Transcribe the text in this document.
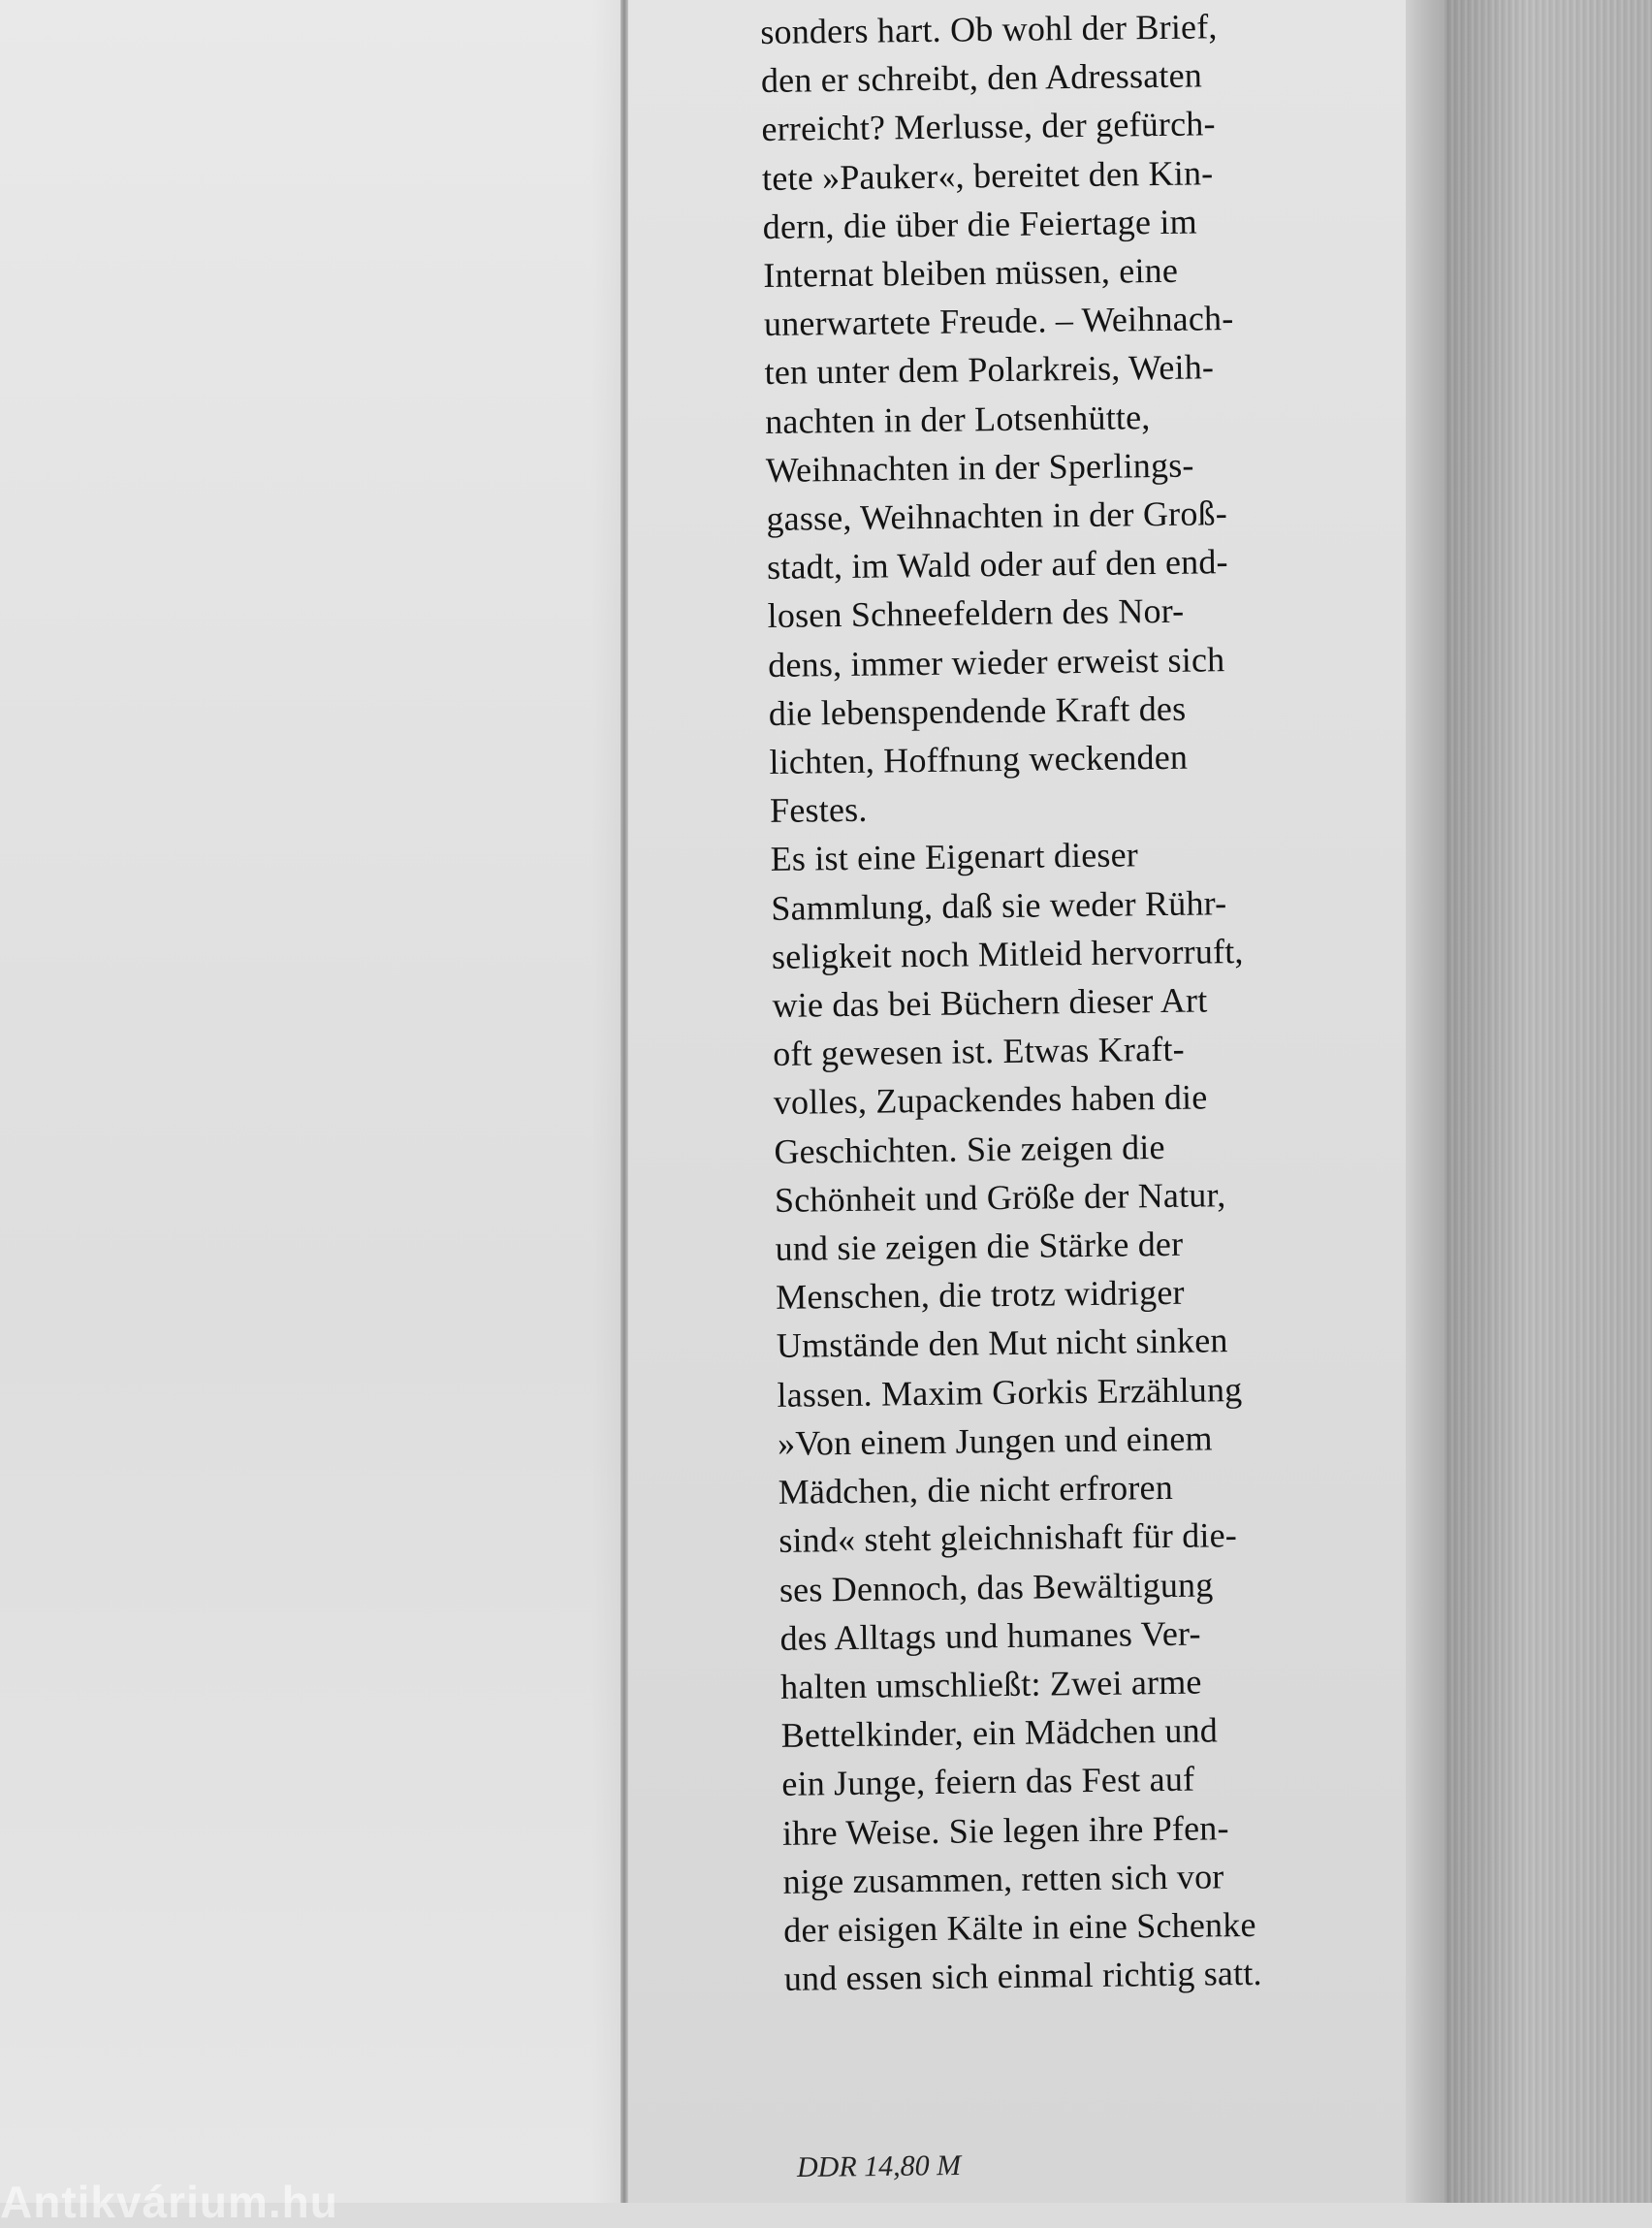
sonders hart. Ob wohl der Brief,
den er schreibt, den Adressaten
erreicht? Merlusse, der gefürch-
tete »Pauker«, bereitet den Kin-
dern, die über die Feiertage im
Internat bleiben müssen, eine
unerwartete Freude. – Weihnach-
ten unter dem Polarkreis, Weih-
nachten in der Lotsenhütte,
Weihnachten in der Sperlings-
gasse, Weihnachten in der Groß-
stadt, im Wald oder auf den end-
losen Schneefeldern des Nor-
dens, immer wieder erweist sich
die lebenspendende Kraft des
lichten, Hoffnung weckenden
Festes.
Es ist eine Eigenart dieser
Sammlung, daß sie weder Rühr-
seligkeit noch Mitleid hervorruft,
wie das bei Büchern dieser Art
oft gewesen ist. Etwas Kraft-
volles, Zupackendes haben die
Geschichten. Sie zeigen die
Schönheit und Größe der Natur,
und sie zeigen die Stärke der
Menschen, die trotz widriger
Umstände den Mut nicht sinken
lassen. Maxim Gorkis Erzählung
»Von einem Jungen und einem
Mädchen, die nicht erfroren
sind« steht gleichnishaft für die-
ses Dennoch, das Bewältigung
des Alltags und humanes Ver-
halten umschließt: Zwei arme
Bettelkinder, ein Mädchen und
ein Junge, feiern das Fest auf
ihre Weise. Sie legen ihre Pfen-
nige zusammen, retten sich vor
der eisigen Kälte in eine Schenke
und essen sich einmal richtig satt.
DDR 14,80 M
Antikvárium.hu
